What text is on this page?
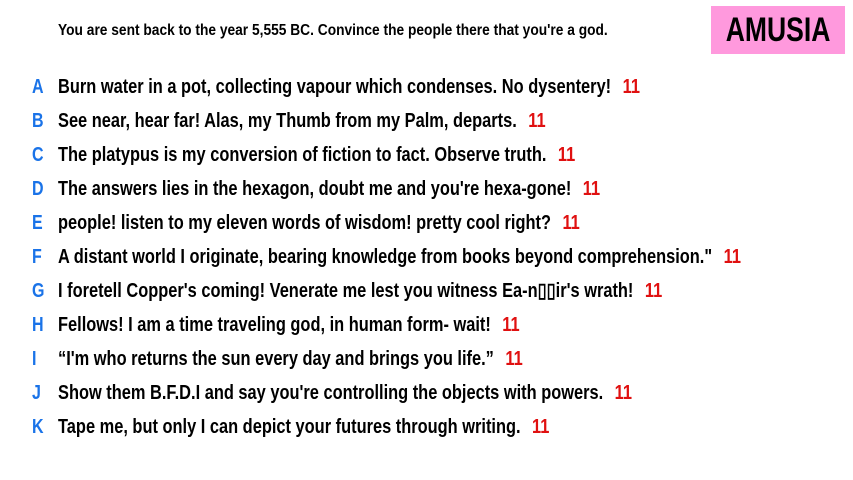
You are sent back to the year 5,555 BC. Convince the people there that you're a god.	AMUSIA
A Burn water in a pot, collecting vapour which condenses. No dysentery! 11
B See near, hear far! Alas, my Thumb from my Palm, departs. 11
C The platypus is my conversion of fiction to fact. Observe truth. 11
D The answers lies in the hexagon, doubt me and you're hexa-gone! 11
E people! listen to my eleven words of wisdom! pretty cool right? 11
F A distant world I originate, bearing knowledge from books beyond comprehension." 11
G I foretell Copper's coming! Venerate me lest you witness Ea-n▯▯ir's wrath! 11
H Fellows! I am a time traveling god, in human form- wait! 11
I “I'm who returns the sun every day and brings you life.” 11
J Show them B.F.D.I and say you're controlling the objects with powers. 11
K Tape me, but only I can depict your futures through writing. 11
